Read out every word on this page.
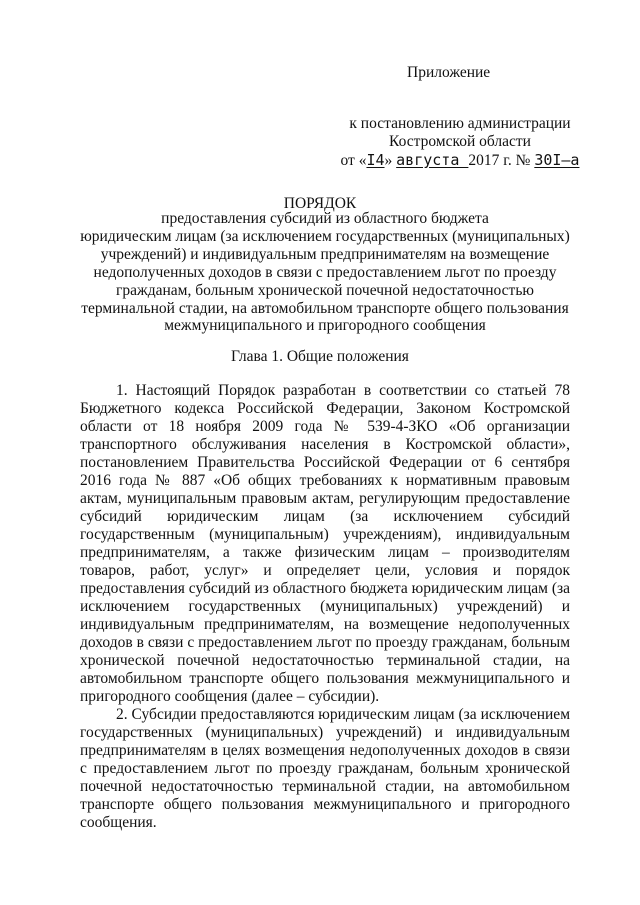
Приложение
к постановлению администрации
Костромской области
от «I4» августа 2017 г. № 30I–а
ПОРЯДОК
предоставления субсидий из областного бюджета
юридическим лицам (за исключением государственных (муниципальных)
учреждений) и индивидуальным предпринимателям на возмещение
недополученных доходов в связи с предоставлением льгот по проезду
гражданам, больным хронической почечной недостаточностью
терминальной стадии, на автомобильном транспорте общего пользования
межмуниципального и пригородного сообщения
Глава 1. Общие положения

1. Настоящий Порядок разработан в соответствии со статьей 78 Бюджетного кодекса Российской Федерации, Законом Костромской области от 18 ноября 2009 года № 539-4-ЗКО «Об организации транспортного обслуживания населения в Костромской области», постановлением Правительства Российской Федерации от 6 сентября 2016 года № 887 «Об общих требованиях к нормативным правовым актам, муниципальным правовым актам, регулирующим предоставление субсидий юридическим лицам (за исключением субсидий государственным (муниципальным) учреждениям), индивидуальным предпринимателям, а также физическим лицам – производителям товаров, работ, услуг» и определяет цели, условия и порядок предоставления субсидий из областного бюджета юридическим лицам (за исключением государственных (муниципальных) учреждений) и индивидуальным предпринимателям, на возмещение недополученных доходов в связи с предоставлением льгот по проезду гражданам, больным хронической почечной недостаточностью терминальной стадии, на автомобильном транспорте общего пользования межмуниципального и пригородного сообщения (далее – субсидии).

2. Субсидии предоставляются юридическим лицам (за исключением государственных (муниципальных) учреждений) и индивидуальным предпринимателям в целях возмещения недополученных доходов в связи с предоставлением льгот по проезду гражданам, больным хронической почечной недостаточностью терминальной стадии, на автомобильном транспорте общего пользования межмуниципального и пригородного сообщения.
